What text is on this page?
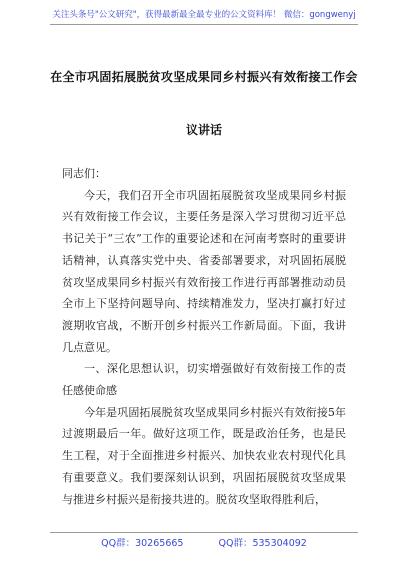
关注头条号"公文研究"，获得最新最全最专业的公文资料库！ 微信：gongwenyj
在全市巩固拓展脱贫攻坚成果同乡村振兴有效衔接工作会
议讲话

同志们：

今天，我们召开全市巩固拓展脱贫攻坚成果同乡村振兴有效衔接工作会议，主要任务是深入学习贯彻习近平总书记关于“三农”工作的重要论述和在河南考察时的重要讲话精神，认真落实党中央、省委部署要求，对巩固拓展脱贫攻坚成果同乡村振兴有效衔接工作进行再部署推动动员全市上下坚持问题导向、持续精准发力，坚决打赢打好过渡期收官战，不断开创乡村振兴工作新局面。下面，我讲几点意见。

一、深化思想认识，切实增强做好有效衔接工作的责任感使命感

今年是巩固拓展脱贫攻坚成果同乡村振兴有效衔接5年过渡期最后一年。做好这项工作，既是政治任务，也是民生工程，对于全面推进乡村振兴、加快农业农村现代化具有重要意义。我们要深刻认识到，巩固拓展脱贫攻坚成果与推进乡村振兴是衔接共进的。脱贫攻坚取得胜利后，

QQ群：30265665	QQ群：535304092
